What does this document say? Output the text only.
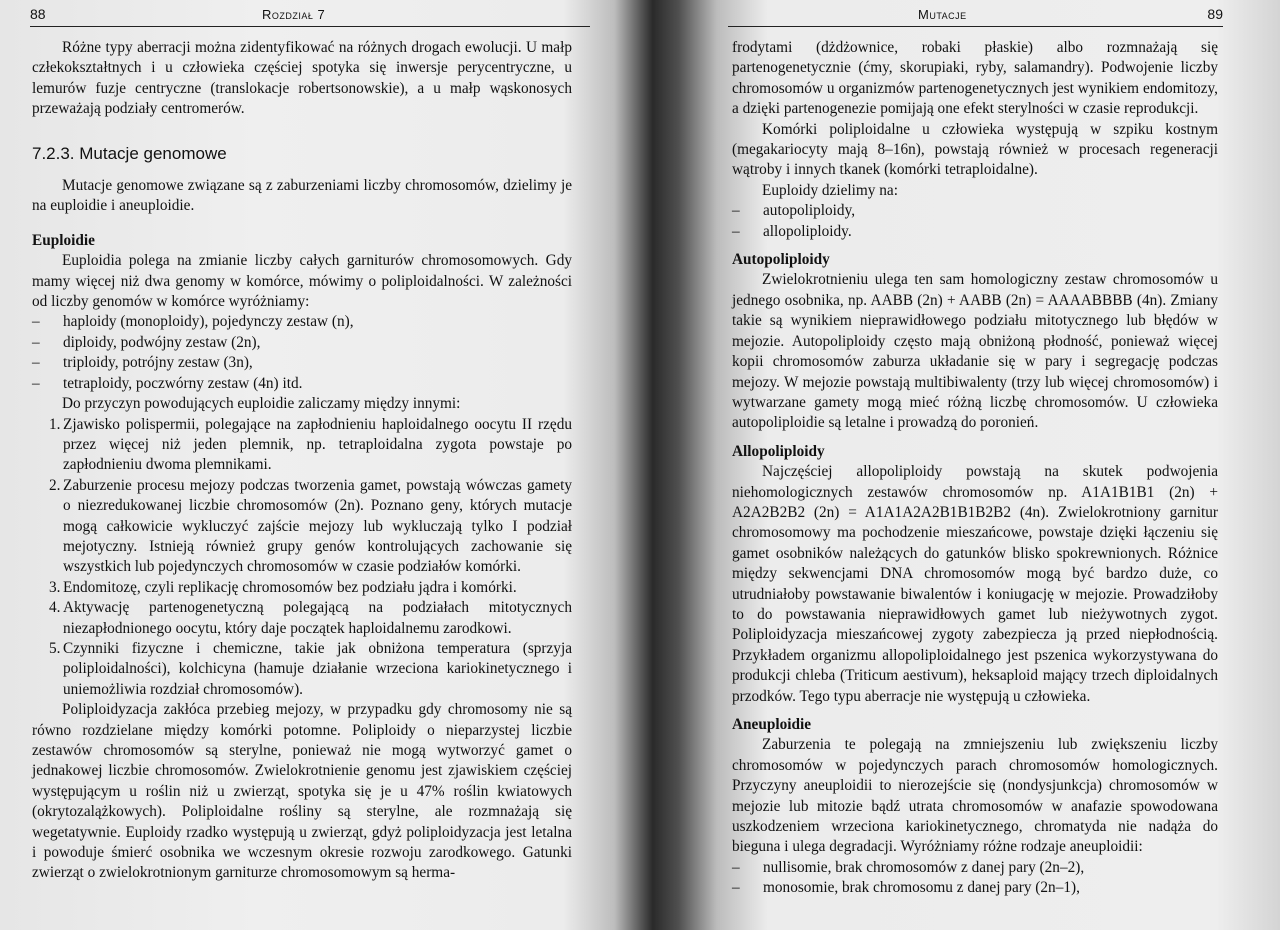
88	Rozdział 7

Różne typy aberracji można zidentyfikować na różnych drogach ewolucji. U małp człekokształtnych i u człowieka częściej spotyka się inwersje perycentryczne, u lemurów fuzje centryczne (translokacje robertsonowskie), a u małp wąskonosych przeważają podziały centromerów.

7.2.3. Mutacje genomowe

Mutacje genomowe związane są z zaburzeniami liczby chromosomów, dzielimy je na euploidie i aneuploidie.

Euploidie

Euploidia polega na zmianie liczby całych garniturów chromosomowych. Gdy mamy więcej niż dwa genomy w komórce, mówimy o poliploidalności. W zależności od liczby genomów w komórce wyróżniamy:

– haploidy (monoploidy), pojedynczy zestaw (n),
– diploidy, podwójny zestaw (2n),
– triploidy, potrójny zestaw (3n),
– tetraploidy, poczwórny zestaw (4n) itd.

Do przyczyn powodujących euploidie zaliczamy między innymi:

1. Zjawisko polispermii, polegające na zapłodnieniu haploidalnego oocytu II rzędu przez więcej niż jeden plemnik, np. tetraploidalna zygota powstaje po zapłodnieniu dwoma plemnikami.
2. Zaburzenie procesu mejozy podczas tworzenia gamet, powstają wówczas gamety o niezredukowanej liczbie chromosomów (2n). Poznano geny, których mutacje mogą całkowicie wykluczyć zajście mejozy lub wykluczają tylko I podział mejotyczny. Istnieją również grupy genów kontrolujących zachowanie się wszystkich lub pojedynczych chromosomów w czasie podziałów komórki.
3. Endomitozę, czyli replikację chromosomów bez podziału jądra i komórki.
4. Aktywację partenogenetyczną polegającą na podziałach mitotycznych niezapłodnionego oocytu, który daje początek haploidalnemu zarodkowi.
5. Czynniki fizyczne i chemiczne, takie jak obniżona temperatura (sprzyja poliploidalności), kolchicyna (hamuje działanie wrzeciona kariokinetycznego i uniemożliwia rozdział chromosomów).

Poliploidyzacja zakłóca przebieg mejozy, w przypadku gdy chromosomy nie są równo rozdzielane między komórki potomne. Poliploidy o nieparzystej liczbie zestawów chromosomów są sterylne, ponieważ nie mogą wytworzyć gamet o jednakowej liczbie chromosomów. Zwielokrotnienie genomu jest zjawiskiem częściej występującym u roślin niż u zwierząt, spotyka się je u 47% roślin kwiatowych (okrytozalążkowych). Poliploidalne rośliny są sterylne, ale rozmnażają się wegetatywnie. Euploidy rzadko występują u zwierząt, gdyż poliploidyzacja jest letalna i powoduje śmierć osobnika we wczesnym okresie rozwoju zarodkowego. Gatunki zwierząt o zwielokrotnionym garniturze chromosomowym są herma-

Mutacje	89

frodytami (dżdżownice, robaki płaskie) albo rozmnażają się partenogenetycznie (ćmy, skorupiaki, ryby, salamandry). Podwojenie liczby chromosomów u organizmów partenogenetycznych jest wynikiem endomitozy, a dzięki partenogenezie pomijają one efekt sterylności w czasie reprodukcji.

Komórki poliploidalne u człowieka występują w szpiku kostnym (megakariocyty mają 8–16n), powstają również w procesach regeneracji wątroby i innych tkanek (komórki tetraploidalne).

Euploidy dzielimy na:

– autopoliploidy,
– allopoliploidy.
Autopoliploidy

Zwielokrotnieniu ulega ten sam homologiczny zestaw chromosomów u jednego osobnika, np. AABB (2n) + AABB (2n) = AAAABBBB (4n). Zmiany takie są wynikiem nieprawidłowego podziału mitotycznego lub błędów w mejozie. Autopoliploidy często mają obniżoną płodność, ponieważ więcej kopii chromosomów zaburza układanie się w pary i segregację podczas mejozy. W mejozie powstają multibiwalenty (trzy lub więcej chromosomów) i wytwarzane gamety mogą mieć różną liczbę chromosomów. U człowieka autopoliploidie są letalne i prowadzą do poronień.

Allopoliploidy

Najczęściej allopoliploidy powstają na skutek podwojenia niehomologicznych zestawów chromosomów np. A1A1B1B1 (2n) + A2A2B2B2 (2n) = A1A1A2A2B1B1B2B2 (4n). Zwielokrotniony garnitur chromosomowy ma pochodzenie mieszańcowe, powstaje dzięki łączeniu się gamet osobników należących do gatunków blisko spokrewnionych. Różnice między sekwencjami DNA chromosomów mogą być bardzo duże, co utrudniałoby powstawanie biwalentów i koniugację w mejozie. Prowadziłoby to do powstawania nieprawidłowych gamet lub nieżywotnych zygot. Poliploidyzacja mieszańcowej zygoty zabezpiecza ją przed niepłodnością. Przykładem organizmu allopoliploidalnego jest pszenica wykorzystywana do produkcji chleba (Triticum aestivum), heksaploid mający trzech diploidalnych przodków. Tego typu aberracje nie występują u człowieka.

Aneuploidie

Zaburzenia te polegają na zmniejszeniu lub zwiększeniu liczby chromosomów w pojedynczych parach chromosomów homologicznych. Przyczyny aneuploidii to nierozejście się (nondysjunkcja) chromosomów w mejozie lub mitozie bądź utrata chromosomów w anafazie spowodowana uszkodzeniem wrzeciona kariokinetycznego, chromatyda nie nadąża do bieguna i ulega degradacji. Wyróżniamy różne rodzaje aneuploidii:

– nullisomie, brak chromosomów z danej pary (2n–2),
– monosomie, brak chromosomu z danej pary (2n–1),
